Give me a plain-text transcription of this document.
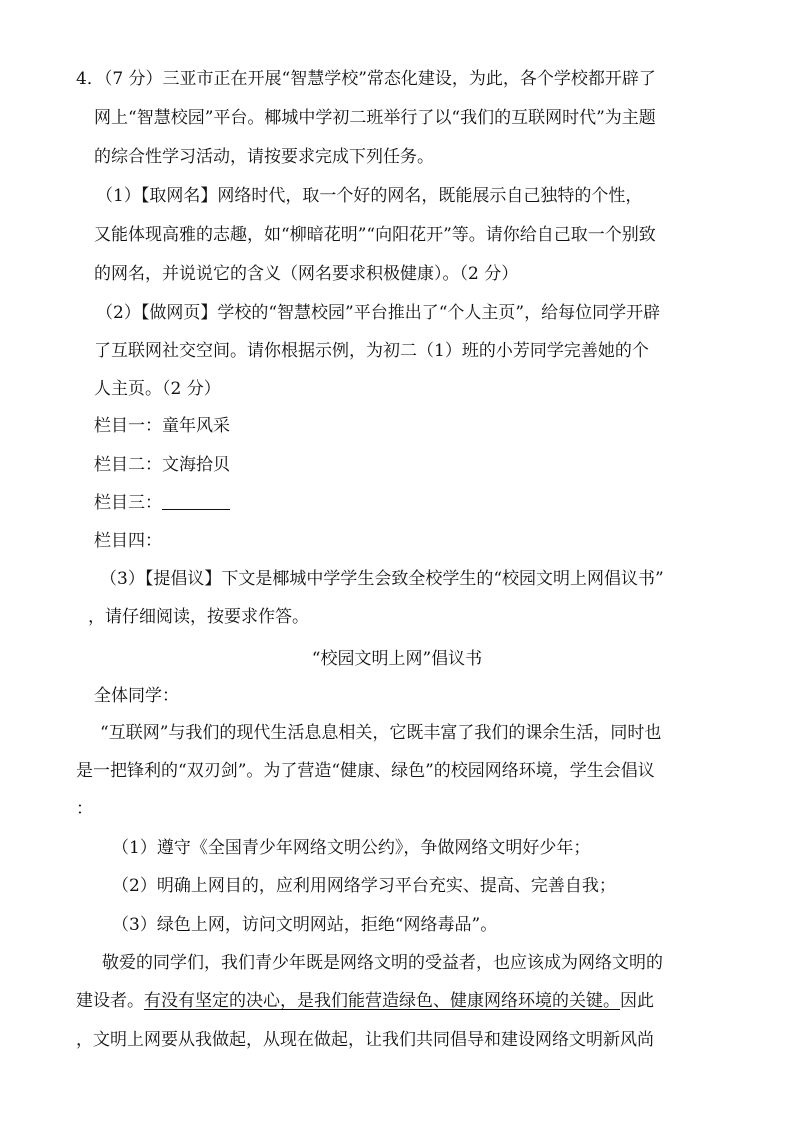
4．（7 分）三亚市正在开展“智慧学校”常态化建设，为此，各个学校都开辟了
网上“智慧校园”平台。椰城中学初二班举行了以“我们的互联网时代”为主题
的综合性学习活动，请按要求完成下列任务。
（1）【取网名】网络时代，取一个好的网名，既能展示自己独特的个性，
又能体现高雅的志趣，如“柳暗花明”“向阳花开”等。请你给自己取一个别致
的网名，并说说它的含义（网名要求积极健康）。（2 分）
（2）【做网页】学校的“智慧校园”平台推出了“个人主页”，给每位同学开辟
了互联网社交空间。请你根据示例，为初二（1）班的小芳同学完善她的个
人主页。（2 分）
栏目一：童年风采
栏目二：文海拾贝
栏目三：
栏目四：
（3）【提倡议】下文是椰城中学学生会致全校学生的“校园文明上网倡议书”
，请仔细阅读，按要求作答。
“校园文明上网”倡议书
全体同学：
“互联网”与我们的现代生活息息相关，它既丰富了我们的课余生活，同时也
是一把锋利的“双刃剑”。为了营造“健康、绿色”的校园网络环境，学生会倡议
：
（1）遵守《全国青少年网络文明公约》，争做网络文明好少年；
（2）明确上网目的，应利用网络学习平台充实、提高、完善自我；
（3）绿色上网，访问文明网站，拒绝“网络毒品”。
敬爱的同学们，我们青少年既是网络文明的受益者，也应该成为网络文明的
建设者。有没有坚定的决心，是我们能营造绿色、健康网络环境的关键。因此
，文明上网要从我做起，从现在做起，让我们共同倡导和建设网络文明新风尚
